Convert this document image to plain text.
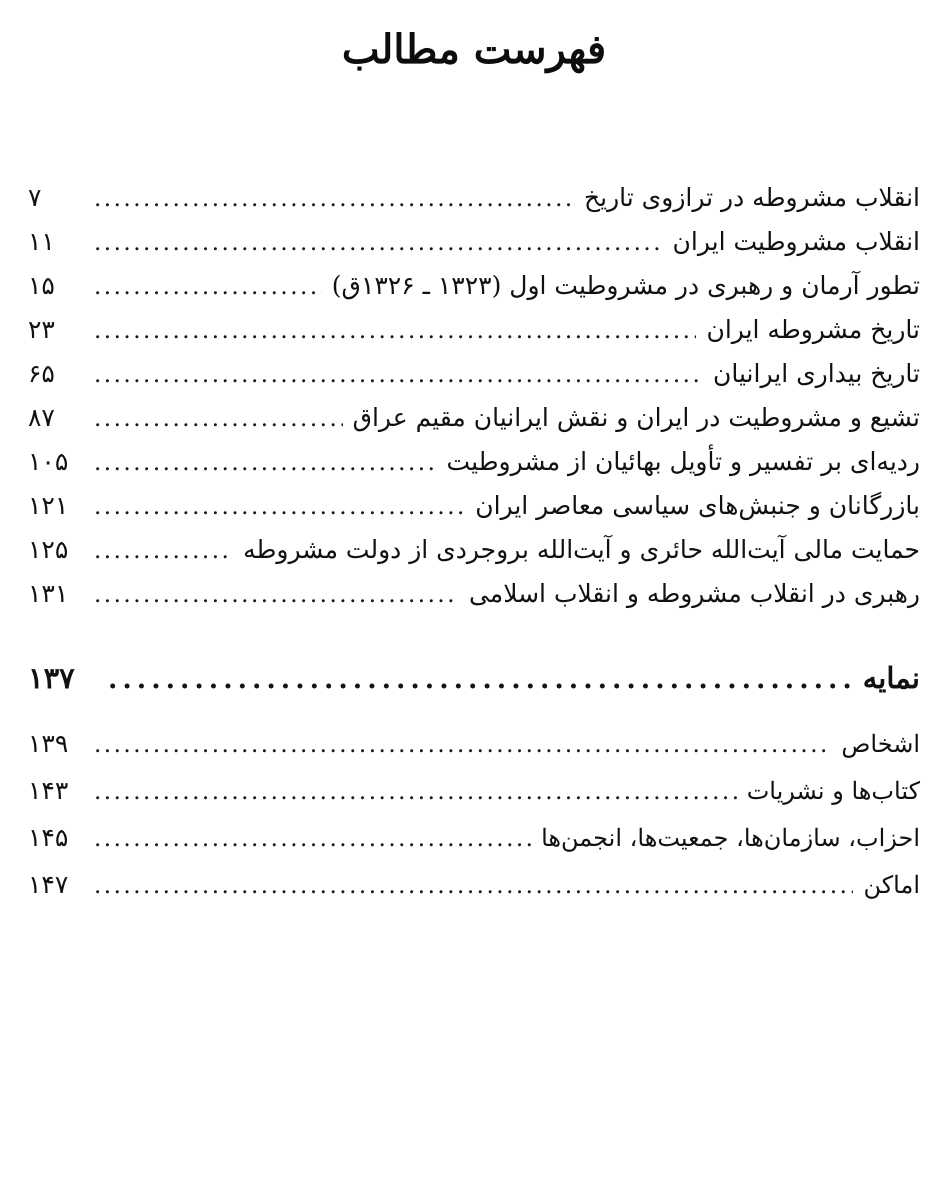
فهرست مطالب
انقلاب مشروطه در ترازوی تاریخ
.....
۷
انقلاب مشروطیت ایران
.....
۱۱
تطور آرمان و رهبری در مشروطیت اول (۱۳۲۳ ـ ۱۳۲۶ق)
.....
۱۵
تاریخ مشروطه ایران
.....
۲۳
تاریخ بیداری ایرانیان
.....
۶۵
تشیع و مشروطیت در ایران و نقش ایرانیان مقیم عراق
.....
۸۷
ردیه‌ای بر تفسیر و تأویل بهائیان از مشروطیت
.....
۱۰۵
بازرگانان و جنبش‌های سیاسی معاصر ایران
.....
۱۲۱
حمایت مالی آیت‌الله حائری و آیت‌الله بروجردی از دولت مشروطه
.....
۱۲۵
رهبری در انقلاب مشروطه و انقلاب اسلامی
.....
۱۳۱
نمایه
.....
۱۳۷
اشخاص
.....
۱۳۹
کتاب‌ها و نشریات
.....
۱۴۳
احزاب، سازمان‌ها، جمعیت‌ها، انجمن‌ها
.....
۱۴۵
اماکن
.....
۱۴۷
